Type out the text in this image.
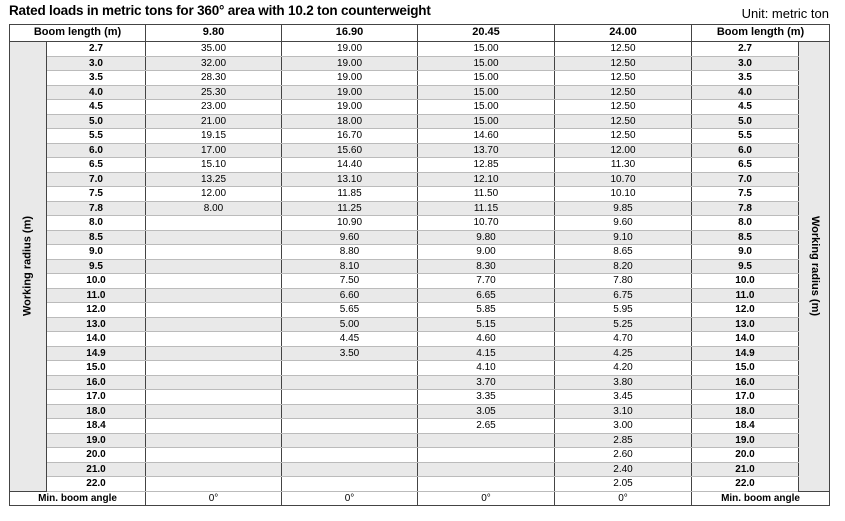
Rated loads in metric tons for 360° area with 10.2 ton counterweight	Unit: metric ton
Boom length (m)		9.80	16.90	20.45	24.00	Boom length (m)	

Working radius (m)	2.7	35.00	19.00	15.00	12.50	2.7	Working radius (m)

	3.0	32.00	19.00	15.00	12.50	3.0	
	3.5	28.30	19.00	15.00	12.50	3.5	
	4.0	25.30	19.00	15.00	12.50	4.0	
	4.5	23.00	19.00	15.00	12.50	4.5	
	5.0	21.00	18.00	15.00	12.50	5.0	
	5.5	19.15	16.70	14.60	12.50	5.5	
	6.0	17.00	15.60	13.70	12.00	6.0	
	6.5	15.10	14.40	12.85	11.30	6.5	
	7.0	13.25	13.10	12.10	10.70	7.0	
	7.5	12.00	11.85	11.50	10.10	7.5	
	7.8	8.00	11.25	11.15	9.85	7.8	
	8.0		10.90	10.70	9.60	8.0	
	8.5		9.60	9.80	9.10	8.5	
	9.0		8.80	9.00	8.65	9.0	
	9.5		8.10	8.30	8.20	9.5	
	10.0		7.50	7.70	7.80	10.0	
	11.0		6.60	6.65	6.75	11.0	
	12.0		5.65	5.85	5.95	12.0	
	13.0		5.00	5.15	5.25	13.0	
	14.0		4.45	4.60	4.70	14.0	
	14.9		3.50	4.15	4.25	14.9	
	15.0			4.10	4.20	15.0	
	16.0			3.70	3.80	16.0	
	17.0			3.35	3.45	17.0	
	18.0			3.05	3.10	18.0	
	18.4			2.65	3.00	18.4	
	19.0				2.85	19.0	
	20.0				2.60	20.0	
	21.0				2.40	21.0	
	22.0				2.05	22.0	
Min. boom angle		0°	0°	0°	0°	Min. boom angle	
